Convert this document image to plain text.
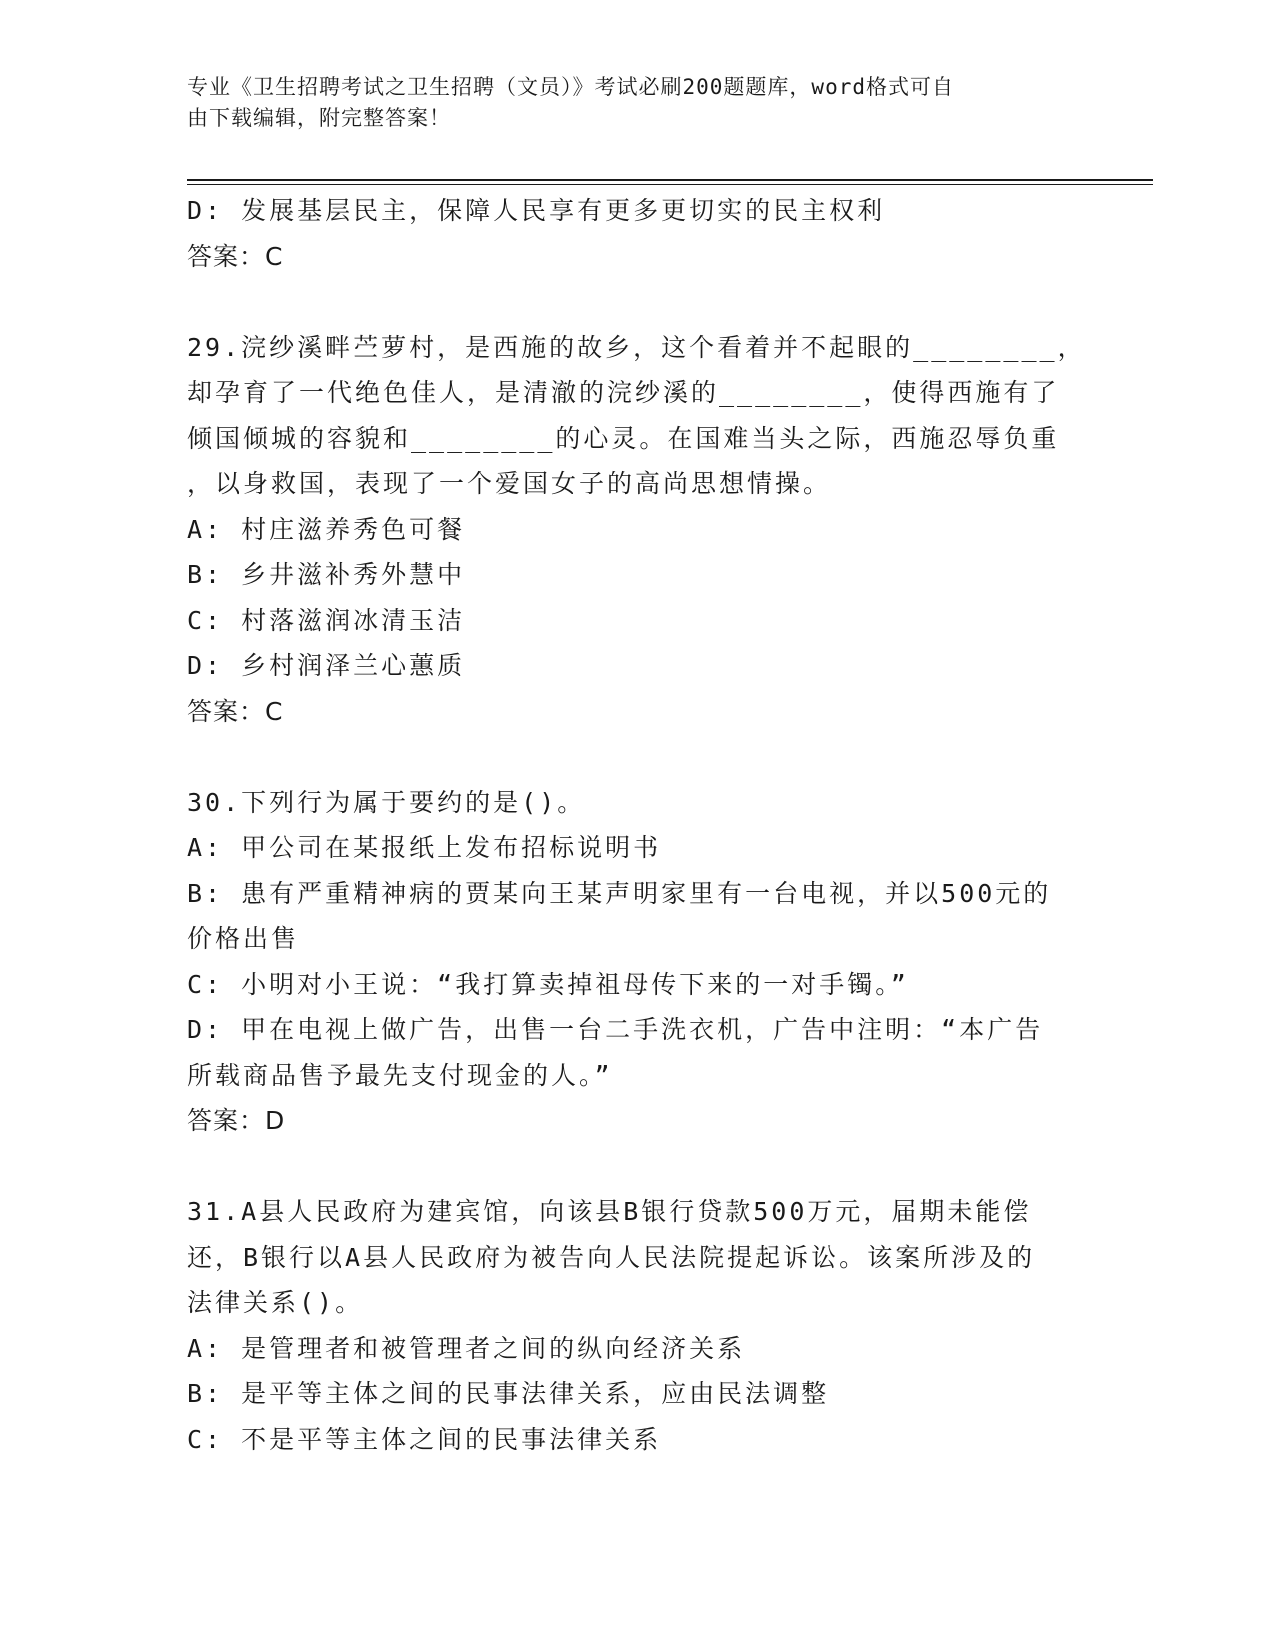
专业《卫生招聘考试之卫生招聘（文员）》考试必刷200题题库，word格式可自
由下载编辑，附完整答案！
D: 发展基层民主，保障人民享有更多更切实的民主权利
答案：C
29.浣纱溪畔苎萝村，是西施的故乡，这个看着并不起眼的________，
却孕育了一代绝色佳人，是清澈的浣纱溪的________，使得西施有了
倾国倾城的容貌和________的心灵。在国难当头之际，西施忍辱负重
，以身救国，表现了一个爱国女子的高尚思想情操。
A: 村庄滋养秀色可餐
B: 乡井滋补秀外慧中
C: 村落滋润冰清玉洁
D: 乡村润泽兰心蕙质
答案：C
30.下列行为属于要约的是()。
A: 甲公司在某报纸上发布招标说明书
B: 患有严重精神病的贾某向王某声明家里有一台电视，并以500元的
价格出售
C: 小明对小王说：“我打算卖掉祖母传下来的一对手镯。”
D: 甲在电视上做广告，出售一台二手洗衣机，广告中注明：“本广告
所载商品售予最先支付现金的人。”
答案：D
31.A县人民政府为建宾馆，向该县B银行贷款500万元，届期未能偿
还，B银行以A县人民政府为被告向人民法院提起诉讼。该案所涉及的
法律关系()。
A: 是管理者和被管理者之间的纵向经济关系
B: 是平等主体之间的民事法律关系，应由民法调整
C: 不是平等主体之间的民事法律关系
